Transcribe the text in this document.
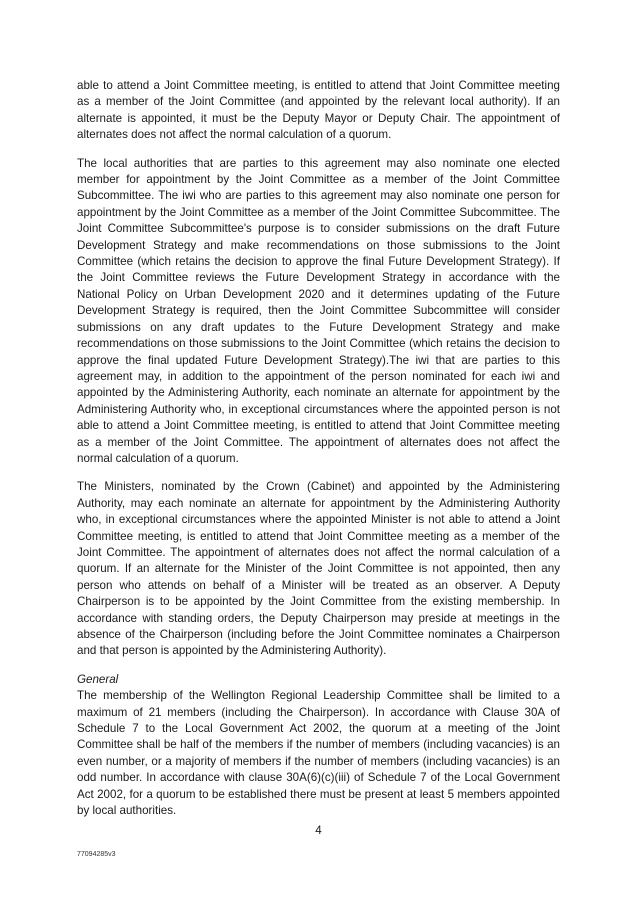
able to attend a Joint Committee meeting, is entitled to attend that Joint Committee meeting as a member of the Joint Committee (and appointed by the relevant local authority). If an alternate is appointed, it must be the Deputy Mayor or Deputy Chair. The appointment of alternates does not affect the normal calculation of a quorum.

The local authorities that are parties to this agreement may also nominate one elected member for appointment by the Joint Committee as a member of the Joint Committee Subcommittee. The iwi who are parties to this agreement may also nominate one person for appointment by the Joint Committee as a member of the Joint Committee Subcommittee. The Joint Committee Subcommittee's purpose is to consider submissions on the draft Future Development Strategy and make recommendations on those submissions to the Joint Committee (which retains the decision to approve the final Future Development Strategy). If the Joint Committee reviews the Future Development Strategy in accordance with the National Policy on Urban Development 2020 and it determines updating of the Future Development Strategy is required, then the Joint Committee Subcommittee will consider submissions on any draft updates to the Future Development Strategy and make recommendations on those submissions to the Joint Committee (which retains the decision to approve the final updated Future Development Strategy).The iwi that are parties to this agreement may, in addition to the appointment of the person nominated for each iwi and appointed by the Administering Authority, each nominate an alternate for appointment by the Administering Authority who, in exceptional circumstances where the appointed person is not able to attend a Joint Committee meeting, is entitled to attend that Joint Committee meeting as a member of the Joint Committee. The appointment of alternates does not affect the normal calculation of a quorum.

The Ministers, nominated by the Crown (Cabinet) and appointed by the Administering Authority, may each nominate an alternate for appointment by the Administering Authority who, in exceptional circumstances where the appointed Minister is not able to attend a Joint Committee meeting, is entitled to attend that Joint Committee meeting as a member of the Joint Committee. The appointment of alternates does not affect the normal calculation of a quorum. If an alternate for the Minister of the Joint Committee is not appointed, then any person who attends on behalf of a Minister will be treated as an observer. A Deputy Chairperson is to be appointed by the Joint Committee from the existing membership. In accordance with standing orders, the Deputy Chairperson may preside at meetings in the absence of the Chairperson (including before the Joint Committee nominates a Chairperson and that person is appointed by the Administering Authority).

General

The membership of the Wellington Regional Leadership Committee shall be limited to a maximum of 21 members (including the Chairperson). In accordance with Clause 30A of Schedule 7 to the Local Government Act 2002, the quorum at a meeting of the Joint Committee shall be half of the members if the number of members (including vacancies) is an even number, or a majority of members if the number of members (including vacancies) is an odd number. In accordance with clause 30A(6)(c)(iii) of Schedule 7 of the Local Government Act 2002, for a quorum to be established there must be present at least 5 members appointed by local authorities.

4
77094285v3
